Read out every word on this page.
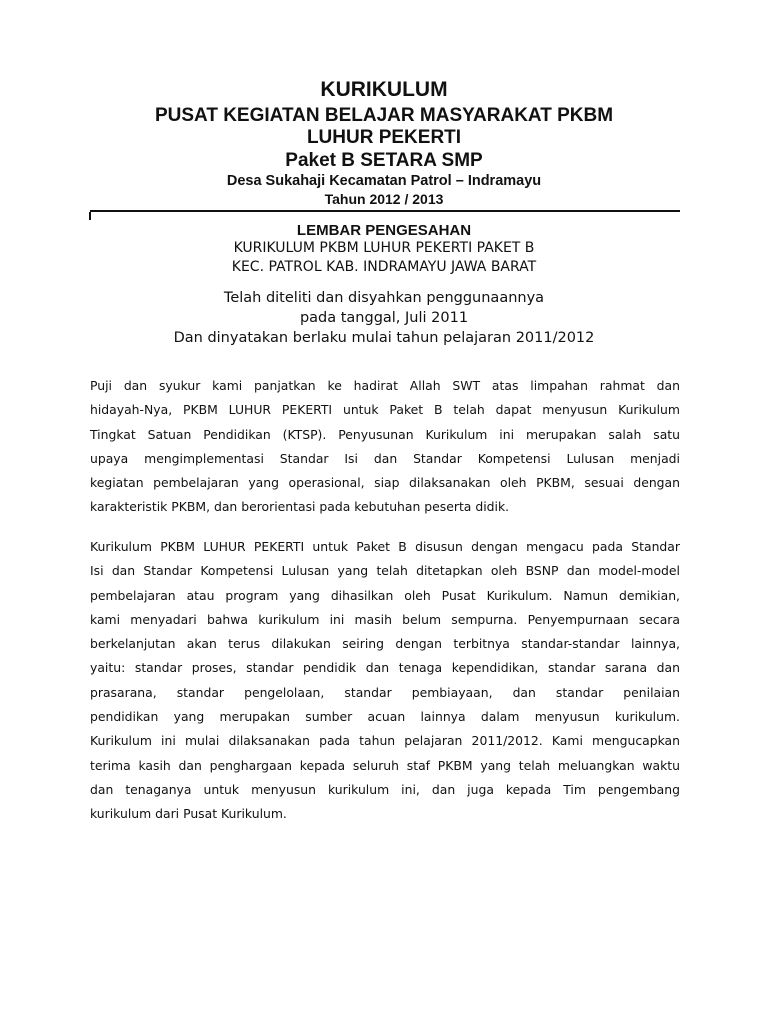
KURIKULUM
PUSAT KEGIATAN BELAJAR MASYARAKAT PKBM
LUHUR PEKERTI
Paket B SETARA SMP
Desa Sukahaji Kecamatan Patrol – Indramayu
Tahun 2012 / 2013
LEMBAR PENGESAHAN
KURIKULUM PKBM LUHUR PEKERTI PAKET B
KEC. PATROL KAB. INDRAMAYU JAWA BARAT
Telah diteliti dan disyahkan penggunaannya
pada tanggal, Juli 2011
Dan dinyatakan berlaku mulai tahun pelajaran 2011/2012
Puji dan syukur kami panjatkan ke hadirat Allah SWT atas limpahan rahmat dan
hidayah-Nya, PKBM LUHUR PEKERTI untuk Paket B telah dapat menyusun Kurikulum
Tingkat Satuan Pendidikan (KTSP). Penyusunan Kurikulum ini merupakan salah satu
upaya mengimplementasi Standar Isi dan Standar Kompetensi Lulusan menjadi
kegiatan pembelajaran yang operasional, siap dilaksanakan oleh PKBM, sesuai dengan
karakteristik PKBM, dan berorientasi pada kebutuhan peserta didik.
Kurikulum PKBM LUHUR PEKERTI untuk Paket B disusun dengan mengacu pada Standar
Isi dan Standar Kompetensi Lulusan yang telah ditetapkan oleh BSNP dan model-model
pembelajaran atau program yang dihasilkan oleh Pusat Kurikulum. Namun demikian,
kami menyadari bahwa kurikulum ini masih belum sempurna. Penyempurnaan secara
berkelanjutan akan terus dilakukan seiring dengan terbitnya standar-standar lainnya,
yaitu: standar proses, standar pendidik dan tenaga kependidikan, standar sarana dan
prasarana, standar pengelolaan, standar pembiayaan, dan standar penilaian
pendidikan yang merupakan sumber acuan lainnya dalam menyusun kurikulum.
Kurikulum ini mulai dilaksanakan pada tahun pelajaran 2011/2012. Kami mengucapkan
terima kasih dan penghargaan kepada seluruh staf PKBM yang telah meluangkan waktu
dan tenaganya untuk menyusun kurikulum ini, dan juga kepada Tim pengembang
kurikulum dari Pusat Kurikulum.
